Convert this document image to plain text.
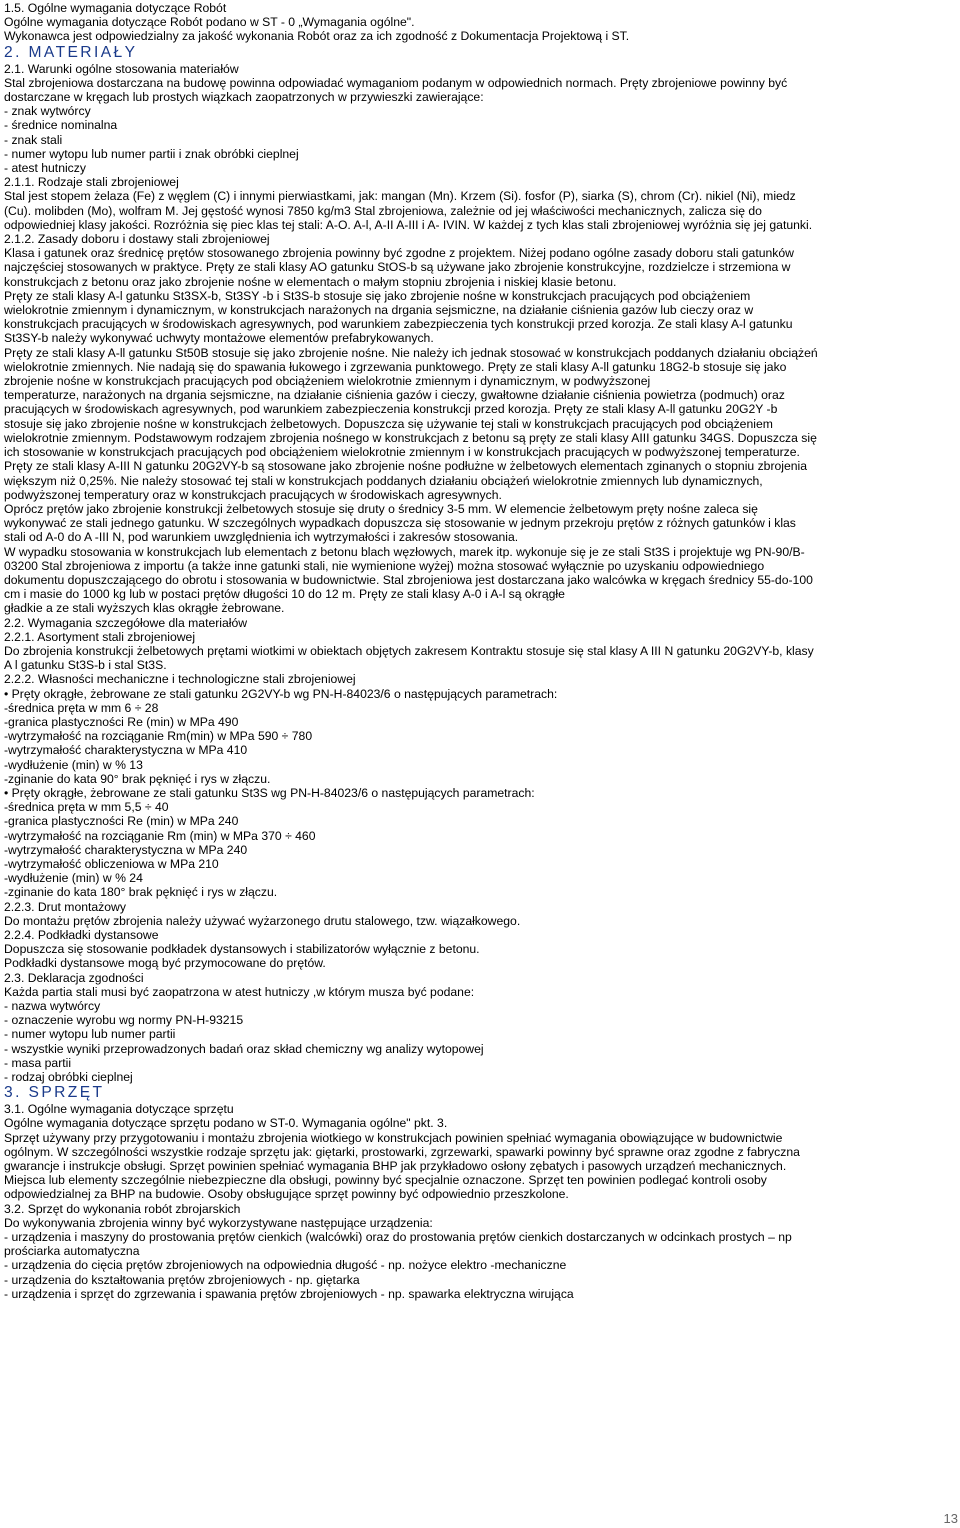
1.5. Ogólne wymagania dotyczące Robót
Ogólne wymagania dotyczące Robót podano w ST - 0 „Wymagania ogólne".
Wykonawca jest odpowiedzialny za jakość wykonania Robót oraz za ich zgodność z Dokumentacja Projektową i ST.
2. MATERIAŁY
2.1. Warunki ogólne stosowania materiałów
Stal zbrojeniowa dostarczana na budowę powinna odpowiadać wymaganiom podanym w odpowiednich normach. Pręty zbrojeniowe powinny być
dostarczane w kręgach lub prostych wiązkach zaopatrzonych w przywieszki zawierające:
- znak wytwórcy
- średnice nominalna
- znak stali
- numer wytopu lub numer partii i znak obróbki cieplnej
- atest hutniczy
2.1.1. Rodzaje stali zbrojeniowej
Stal jest stopem żelaza (Fe) z węglem (C) i innymi pierwiastkami, jak: mangan (Mn). Krzem (Si). fosfor (P), siarka (S), chrom (Cr). nikiel (Ni), miedz
(Cu). molibden (Mo), wolfram M. Jej gęstość wynosi 7850 kg/m3 Stal zbrojeniowa, zależnie od jej właściwości mechanicznych, zalicza się do
odpowiedniej klasy jakości. Rozróżnia się piec klas tej stali: A-O. A-l, A-II A-III i A- IVIN. W każdej z tych klas stali zbrojeniowej wyróżnia się jej gatunki.
2.1.2. Zasady doboru i dostawy stali zbrojeniowej
Klasa i gatunek oraz średnicę prętów stosowanego zbrojenia powinny być zgodne z projektem. Niżej podano ogólne zasady doboru stali gatunków
najczęściej stosowanych w praktyce. Pręty ze stali klasy AO gatunku StOS-b są używane jako zbrojenie konstrukcyjne, rozdzielcze i strzemiona w
konstrukcjach z betonu oraz jako zbrojenie nośne w elementach o małym stopniu zbrojenia i niskiej klasie betonu.
Pręty ze stali klasy A-l gatunku St3SX-b, St3SY -b i St3S-b stosuje się jako zbrojenie nośne w konstrukcjach pracujących pod obciążeniem
wielokrotnie zmiennym i dynamicznym, w konstrukcjach narażonych na drgania sejsmiczne, na działanie ciśnienia gazów lub cieczy oraz w
konstrukcjach pracujących w środowiskach agresywnych, pod warunkiem zabezpieczenia tych konstrukcji przed korozja. Ze stali klasy A-l gatunku
St3SY-b należy wykonywać uchwyty montażowe elementów prefabrykowanych.
Pręty ze stali klasy A-ll gatunku St50B stosuje się jako zbrojenie nośne. Nie należy ich jednak stosować w konstrukcjach poddanych działaniu obciążeń
wielokrotnie zmiennych. Nie nadają się do spawania łukowego i zgrzewania punktowego. Pręty ze stali klasy A-ll gatunku 18G2-b stosuje się jako
zbrojenie nośne w konstrukcjach pracujących pod obciążeniem wielokrotnie zmiennym i dynamicznym, w podwyższonej
temperaturze, narażonych na drgania sejsmiczne, na działanie ciśnienia gazów i cieczy, gwałtowne działanie ciśnienia powietrza (podmuch) oraz
pracujących w środowiskach agresywnych, pod warunkiem zabezpieczenia konstrukcji przed korozja. Pręty ze stali klasy A-ll gatunku 20G2Y -b
stosuje się jako zbrojenie nośne w konstrukcjach żelbetowych. Dopuszcza się używanie tej stali w konstrukcjach pracujących pod obciążeniem
wielokrotnie zmiennym. Podstawowym rodzajem zbrojenia nośnego w konstrukcjach z betonu są pręty ze stali klasy AIII gatunku 34GS. Dopuszcza się
ich stosowanie w konstrukcjach pracujących pod obciążeniem wielokrotnie zmiennym i w konstrukcjach pracujących w podwyższonej temperaturze.
Pręty ze stali klasy A-III N gatunku 20G2VY-b są stosowane jako zbrojenie nośne podłużne w żelbetowych elementach zginanych o stopniu zbrojenia
większym niż 0,25%. Nie należy stosować tej stali w konstrukcjach poddanych działaniu obciążeń wielokrotnie zmiennych lub dynamicznych,
podwyższonej temperatury oraz w konstrukcjach pracujących w środowiskach agresywnych.
Oprócz prętów jako zbrojenie konstrukcji żelbetowych stosuje się druty o średnicy 3-5 mm. W elemencie żelbetowym pręty nośne zaleca się
wykonywać ze stali jednego gatunku. W szczególnych wypadkach dopuszcza się stosowanie w jednym przekroju prętów z różnych gatunków i klas
stali od A-0 do A -III N, pod warunkiem uwzględnienia ich wytrzymałości i zakresów stosowania.
W wypadku stosowania w konstrukcjach lub elementach z betonu blach węzłowych, marek itp. wykonuje się je ze stali St3S i projektuje wg PN-90/B-
03200 Stal zbrojeniowa z importu (a także inne gatunki stali, nie wymienione wyżej) można stosować wyłącznie po uzyskaniu odpowiedniego
dokumentu dopuszczającego do obrotu i stosowania w budownictwie. Stal zbrojeniowa jest dostarczana jako walcówka w kręgach średnicy 55-do-100
cm i masie do 1000 kg lub w postaci prętów długości 10 do 12 m. Pręty ze stali klasy A-0 i A-l są okrągłe
gładkie a ze stali wyższych klas okrągłe żebrowane.
2.2. Wymagania szczegółowe dla materiałów
2.2.1. Asortyment stali zbrojeniowej
Do zbrojenia konstrukcji żelbetowych prętami wiotkimi w obiektach objętych zakresem Kontraktu stosuje się stal klasy A III N gatunku 20G2VY-b, klasy
A l gatunku St3S-b i stal St3S.
2.2.2. Własności mechaniczne i technologiczne stali zbrojeniowej
• Pręty okrągłe, żebrowane ze stali gatunku 2G2VY-b wg PN-H-84023/6 o następujących parametrach:
-średnica pręta w mm 6 ÷ 28
-granica plastyczności Re (min) w MPa 490
-wytrzymałość na rozciąganie Rm(min) w MPa 590 ÷ 780
-wytrzymałość charakterystyczna w MPa 410
-wydłużenie (min) w % 13
-zginanie do kata 90° brak pęknięć i rys w złączu.
• Pręty okrągłe, żebrowane ze stali gatunku St3S wg PN-H-84023/6 o następujących parametrach:
-średnica pręta w mm 5,5 ÷ 40
-granica plastyczności Re (min) w MPa 240
-wytrzymałość na rozciąganie Rm (min) w MPa 370 ÷ 460
-wytrzymałość charakterystyczna w MPa 240
-wytrzymałość obliczeniowa w MPa 210
-wydłużenie (min) w % 24
-zginanie do kata 180° brak pęknięć i rys w złączu.
2.2.3. Drut montażowy
Do montażu prętów zbrojenia należy używać wyżarzonego drutu stalowego, tzw. wiązałkowego.
2.2.4. Podkładki dystansowe
Dopuszcza się stosowanie podkładek dystansowych i stabilizatorów wyłącznie z betonu.
Podkładki dystansowe mogą być przymocowane do prętów.
2.3. Deklaracja zgodności
Każda partia stali musi być zaopatrzona w atest hutniczy ,w którym musza być podane:
- nazwa wytwórcy
- oznaczenie wyrobu wg normy PN-H-93215
- numer wytopu lub numer partii
- wszystkie wyniki przeprowadzonych badań oraz skład chemiczny wg analizy wytopowej
- masa partii
- rodzaj obróbki cieplnej
3. SPRZĘT
3.1. Ogólne wymagania dotyczące sprzętu
Ogólne wymagania dotyczące sprzętu podano w ST-0. Wymagania ogólne" pkt. 3.
Sprzęt używany przy przygotowaniu i montażu zbrojenia wiotkiego w konstrukcjach powinien spełniać wymagania obowiązujące w budownictwie
ogólnym. W szczególności wszystkie rodzaje sprzętu jak: giętarki, prostowarki, zgrzewarki, spawarki powinny być sprawne oraz zgodne z fabryczna
gwarancje i instrukcje obsługi. Sprzęt powinien spełniać wymagania BHP jak przykładowo osłony zębatych i pasowych urządzeń mechanicznych.
Miejsca lub elementy szczególnie niebezpieczne dla obsługi, powinny być specjalnie oznaczone. Sprzęt ten powinien podlegać kontroli osoby
odpowiedzialnej za BHP na budowie. Osoby obsługujące sprzęt powinny być odpowiednio przeszkolone.
3.2. Sprzęt do wykonania robót zbrojarskich
Do wykonywania zbrojenia winny być wykorzystywane następujące urządzenia:
- urządzenia i maszyny do prostowania prętów cienkich (walcówki) oraz do prostowania prętów cienkich dostarczanych w odcinkach prostych – np
prościarka automatyczna
- urządzenia do cięcia prętów zbrojeniowych na odpowiednia długość - np. nożyce elektro -mechaniczne
- urządzenia do kształtowania prętów zbrojeniowych - np. giętarka
- urządzenia i sprzęt do zgrzewania i spawania prętów zbrojeniowych - np. spawarka elektryczna wirująca
13
